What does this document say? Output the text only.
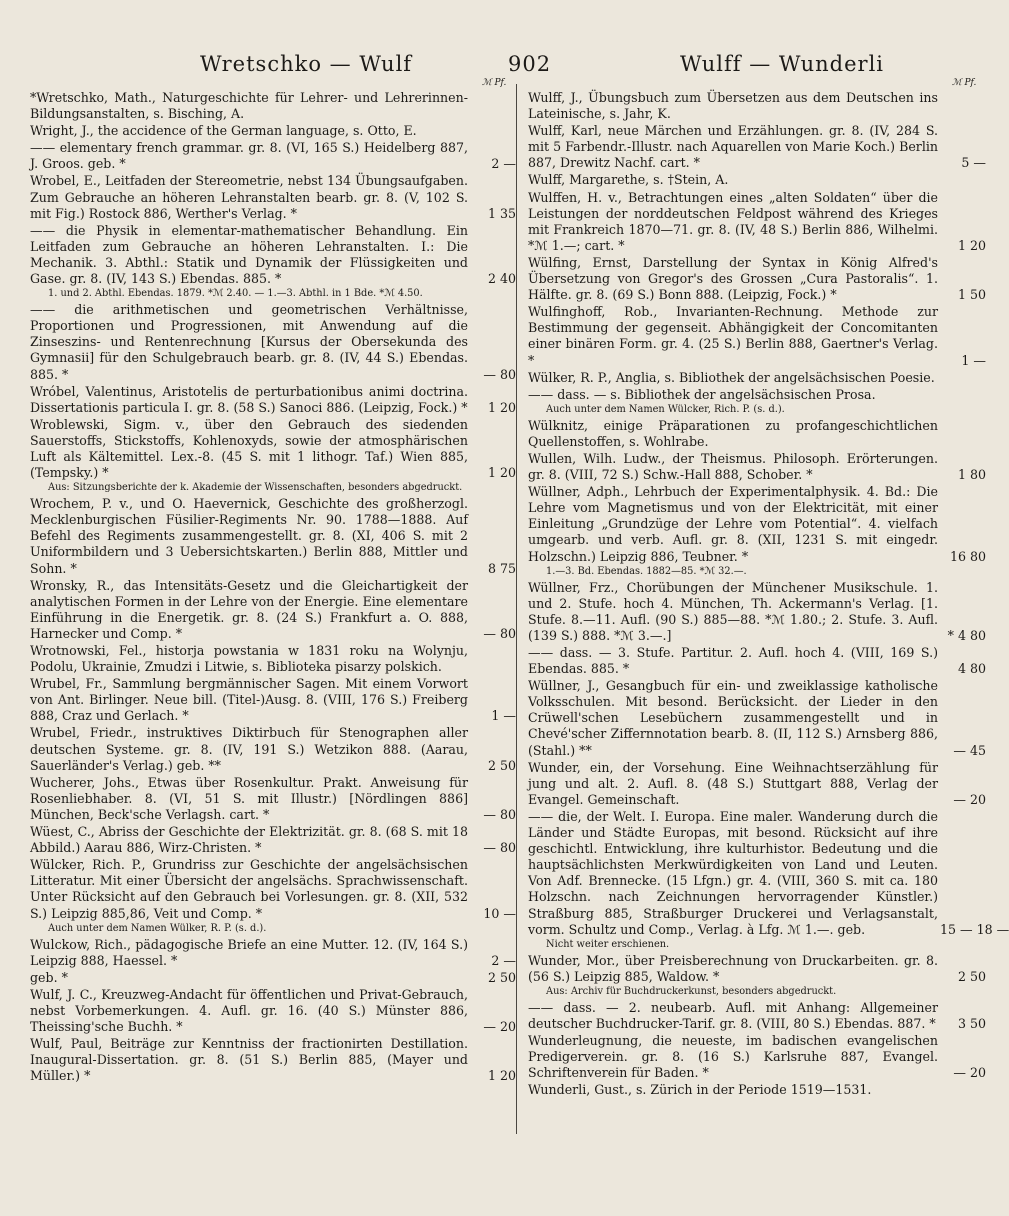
Wretschko — Wulf	902	Wulff — Wunderli
ℳ Pf.	ℳ Pf.
*Wretschko, Math., Naturgeschichte für Lehrer- und Lehrerinnen-Bildungsanstalten, s. Bisching, A.
Wright, J., the accidence of the German language, s. Otto, E.
—— elementary french grammar. gr. 8. (VI, 165 S.) Heidelberg 887, J. Groos. geb. *	2 —
Wrobel, E., Leitfaden der Stereometrie, nebst 134 Übungsaufgaben. Zum Gebrauche an höheren Lehranstalten bearb. gr. 8. (V, 102 S. mit Fig.) Rostock 886, Werther's Verlag. *	1 35
—— die Physik in elementar-mathematischer Behandlung. Ein Leitfaden zum Gebrauche an höheren Lehranstalten. I.: Die Mechanik. 3. Abthl.: Statik und Dynamik der Flüssigkeiten und Gase. gr. 8. (IV, 143 S.) Ebendas. 885. *	2 40
1. und 2. Abthl. Ebendas. 1879. *ℳ 2.40. — 1.—3. Abthl. in 1 Bde. *ℳ 4.50.
—— die arithmetischen und geometrischen Verhältnisse, Proportionen und Progressionen, mit Anwendung auf die Zinseszins- und Rentenrechnung [Kursus der Obersekunda des Gymnasii] für den Schulgebrauch bearb. gr. 8. (IV, 44 S.) Ebendas. 885. *	— 80
Wróbel, Valentinus, Aristotelis de perturbationibus animi doctrina. Dissertationis particula I. gr. 8. (58 S.) Sanoci 886. (Leipzig, Fock.) *	1 20
Wroblewski, Sigm. v., über den Gebrauch des siedenden Sauerstoffs, Stickstoffs, Kohlenoxyds, sowie der atmosphärischen Luft als Kältemittel. Lex.-8. (45 S. mit 1 lithogr. Taf.) Wien 885, (Tempsky.) *	1 20
Aus: Sitzungsberichte der k. Akademie der Wissenschaften, besonders abgedruckt.
Wrochem, P. v., und O. Haevernick, Geschichte des großherzogl. Mecklenburgischen Füsilier-Regiments Nr. 90. 1788—1888. Auf Befehl des Regiments zusammengestellt. gr. 8. (XI, 406 S. mit 2 Uniformbildern und 3 Uebersichtskarten.) Berlin 888, Mittler und Sohn. *	8 75
Wronsky, R., das Intensitäts-Gesetz und die Gleichartigkeit der analytischen Formen in der Lehre von der Energie. Eine elementare Einführung in die Energetik. gr. 8. (24 S.) Frankfurt a. O. 888, Harnecker und Comp. *	— 80
Wrotnowski, Fel., historja powstania w 1831 roku na Wolynju, Podolu, Ukrainie, Zmudzi i Litwie, s. Biblioteka pisarzy polskich.
Wrubel, Fr., Sammlung bergmännischer Sagen. Mit einem Vorwort von Ant. Birlinger. Neue bill. (Titel-)Ausg. 8. (VIII, 176 S.) Freiberg 888, Craz und Gerlach. *	1 —
Wrubel, Friedr., instruktives Diktirbuch für Stenographen aller deutschen Systeme. gr. 8. (IV, 191 S.) Wetzikon 888. (Aarau, Sauerländer's Verlag.) geb. **	2 50
Wucherer, Johs., Etwas über Rosenkultur. Prakt. Anweisung für Rosenliebhaber. 8. (VI, 51 S. mit Illustr.) [Nördlingen 886] München, Beck'sche Verlagsh. cart. *	— 80
Wüest, C., Abriss der Geschichte der Elektrizität. gr. 8. (68 S. mit 18 Abbild.) Aarau 886, Wirz-Christen. *	— 80
Wülcker, Rich. P., Grundriss zur Geschichte der angelsächsischen Litteratur. Mit einer Übersicht der angelsächs. Sprachwissenschaft. Unter Rücksicht auf den Gebrauch bei Vorlesungen. gr. 8. (XII, 532 S.) Leipzig 885,86, Veit und Comp. *	10 —
Auch unter dem Namen Wülker, R. P. (s. d.).
Wulckow, Rich., pädagogische Briefe an eine Mutter. 12. (IV, 164 S.) Leipzig 888, Haessel. *	2 —
geb. *	2 50
Wulf, J. C., Kreuzweg-Andacht für öffentlichen und Privat-Gebrauch, nebst Vorbemerkungen. 4. Aufl. gr. 16. (40 S.) Münster 886, Theissing'sche Buchh. *	— 20
Wulf, Paul, Beiträge zur Kenntniss der fractionirten Destillation. Inaugural-Dissertation. gr. 8. (51 S.) Berlin 885, (Mayer und Müller.) *	1 20
Wulff, J., Übungsbuch zum Übersetzen aus dem Deutschen ins Lateinische, s. Jahr, K.
Wulff, Karl, neue Märchen und Erzählungen. gr. 8. (IV, 284 S. mit 5 Farbendr.-Illustr. nach Aquarellen von Marie Koch.) Berlin 887, Drewitz Nachf. cart. *	5 —
Wulff, Margarethe, s. †Stein, A.
Wulffen, H. v., Betrachtungen eines „alten Soldaten“ über die Leistungen der norddeutschen Feldpost während des Krieges mit Frankreich 1870—71. gr. 8. (IV, 48 S.) Berlin 886, Wilhelmi. *ℳ 1.—; cart. *	1 20
Wülfing, Ernst, Darstellung der Syntax in König Alfred's Übersetzung von Gregor's des Grossen „Cura Pastoralis“. 1. Hälfte. gr. 8. (69 S.) Bonn 888. (Leipzig, Fock.) *	1 50
Wulfinghoff, Rob., Invarianten-Rechnung. Methode zur Bestimmung der gegenseit. Abhängigkeit der Concomitanten einer binären Form. gr. 4. (25 S.) Berlin 888, Gaertner's Verlag. *	1 —
Wülker, R. P., Anglia, s. Bibliothek der angelsächsischen Poesie.
—— dass. — s. Bibliothek der angelsächsischen Prosa.
Auch unter dem Namen Wülcker, Rich. P. (s. d.).
Wülknitz, einige Präparationen zu profangeschichtlichen Quellenstoffen, s. Wohlrabe.
Wullen, Wilh. Ludw., der Theismus. Philosoph. Erörterungen. gr. 8. (VIII, 72 S.) Schw.-Hall 888, Schober. *	1 80
Wüllner, Adph., Lehrbuch der Experimentalphysik. 4. Bd.: Die Lehre vom Magnetismus und von der Elektricität, mit einer Einleitung „Grundzüge der Lehre vom Potential“. 4. vielfach umgearb. und verb. Aufl. gr. 8. (XII, 1231 S. mit eingedr. Holzschn.) Leipzig 886, Teubner. *	16 80
1.—3. Bd. Ebendas. 1882—85. *ℳ 32.—.
Wüllner, Frz., Chorübungen der Münchener Musikschule. 1. und 2. Stufe. hoch 4. München, Th. Ackermann's Verlag. [1. Stufe. 8.—11. Aufl. (90 S.) 885—88. *ℳ 1.80.; 2. Stufe. 3. Aufl. (139 S.) 888. *ℳ 3.—.]	* 4 80
—— dass. — 3. Stufe. Partitur. 2. Aufl. hoch 4. (VIII, 169 S.) Ebendas. 885. *	4 80
Wüllner, J., Gesangbuch für ein- und zweiklassige katholische Volksschulen. Mit besond. Berücksicht. der Lieder in den Crüwell'schen Lesebüchern zusammengestellt und in Chevé'scher Ziffernnotation bearb. 8. (II, 112 S.) Arnsberg 886, (Stahl.) **	— 45
Wunder, ein, der Vorsehung. Eine Weihnachtserzählung für jung und alt. 2. Aufl. 8. (48 S.) Stuttgart 888, Verlag der Evangel. Gemeinschaft.	— 20
—— die, der Welt. I. Europa. Eine maler. Wanderung durch die Länder und Städte Europas, mit besond. Rücksicht auf ihre geschichtl. Entwicklung, ihre kulturhistor. Bedeutung und die hauptsächlichsten Merkwürdigkeiten von Land und Leuten. Von Adf. Brennecke. (15 Lfgn.) gr. 4. (VIII, 360 S. mit ca. 180 Holzschn. nach Zeichnungen hervorragender Künstler.) Straßburg 885, Straßburger Druckerei und Verlagsanstalt, vorm. Schultz und Comp., Verlag. à Lfg. ℳ 1.—. geb.	15 — 18 —
Nicht weiter erschienen.
Wunder, Mor., über Preisberechnung von Druckarbeiten. gr. 8. (56 S.) Leipzig 885, Waldow. *	2 50
Aus: Archiv für Buchdruckerkunst, besonders abgedruckt.
—— dass. — 2. neubearb. Aufl. mit Anhang: Allgemeiner deutscher Buchdrucker-Tarif. gr. 8. (VIII, 80 S.) Ebendas. 887. *	3 50
Wunderleugnung, die neueste, im badischen evangelischen Predigerverein. gr. 8. (16 S.) Karlsruhe 887, Evangel. Schriftenverein für Baden. *	— 20
Wunderli, Gust., s. Zürich in der Periode 1519—1531.
